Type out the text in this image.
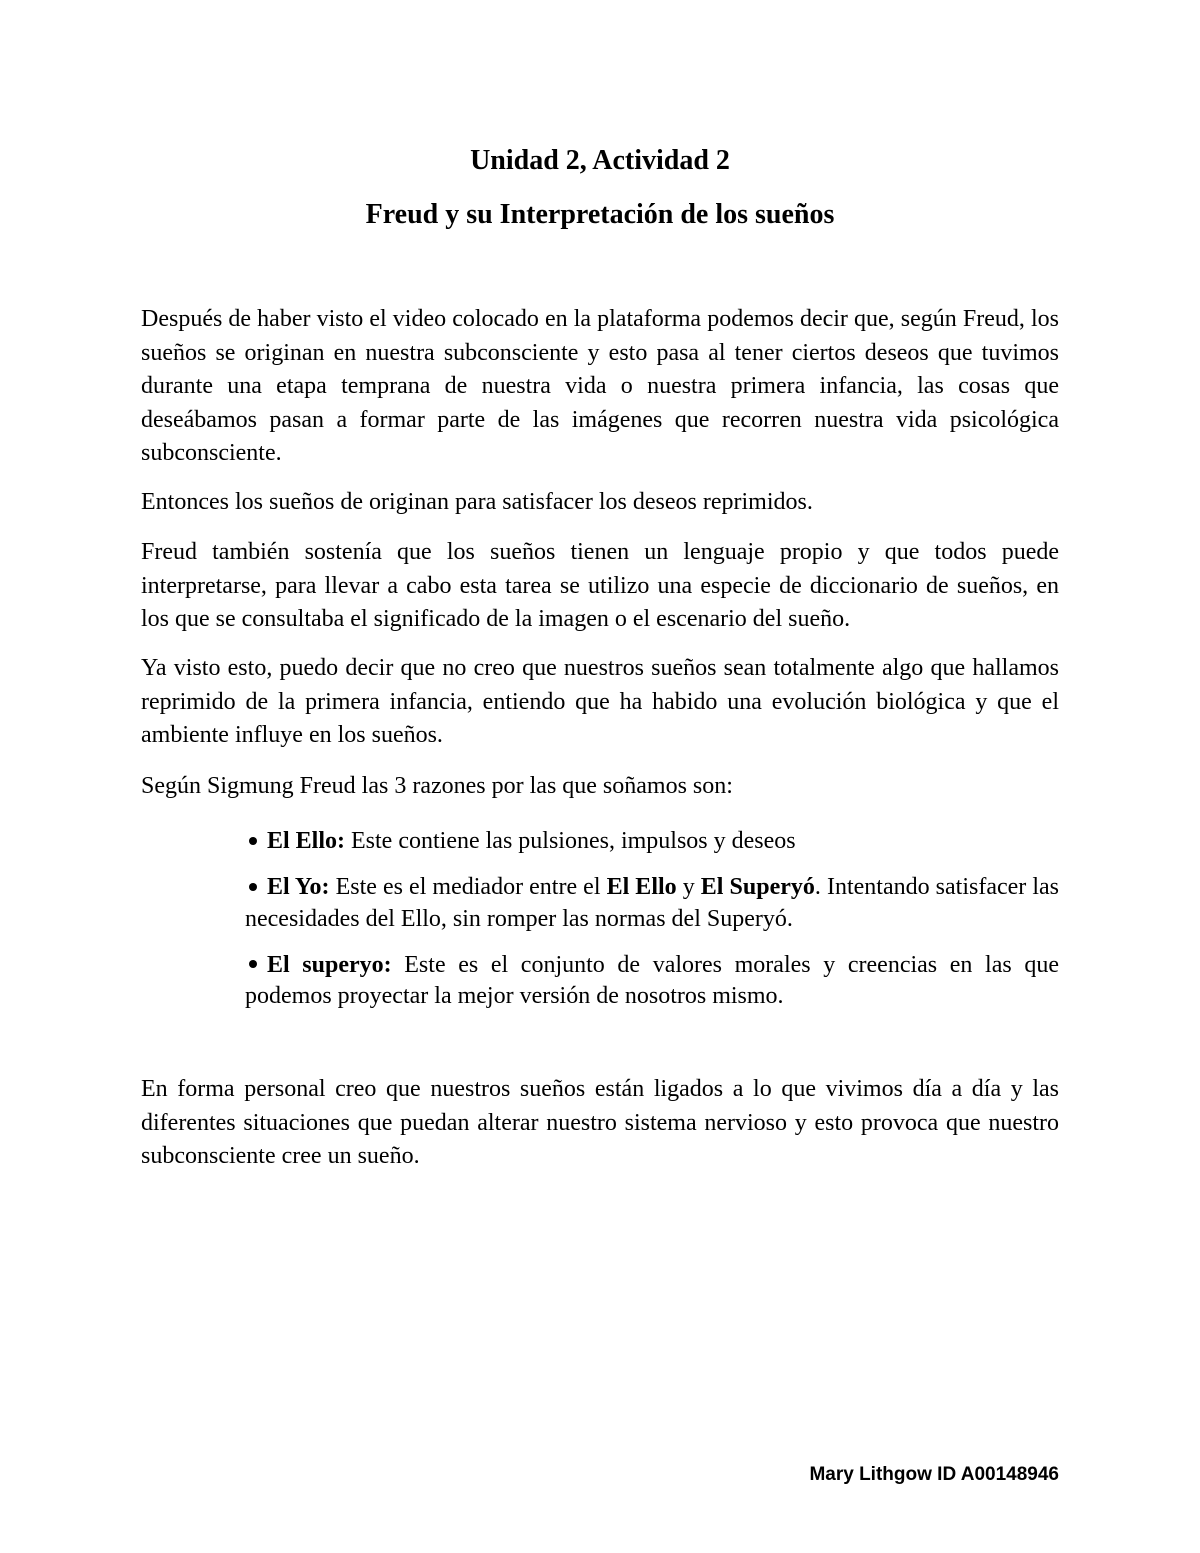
Unidad 2, Actividad 2
Freud y su Interpretación de los sueños

Después de haber visto el video colocado en la plataforma podemos decir que, según Freud, los sueños se originan en nuestra subconsciente y esto pasa al tener ciertos deseos que tuvimos durante una etapa temprana de nuestra vida o nuestra primera infancia, las cosas que deseábamos pasan a formar parte de las imágenes que recorren nuestra vida psicológica subconsciente.

Entonces los sueños de originan para satisfacer los deseos reprimidos.

Freud también sostenía que los sueños tienen un lenguaje propio y que todos puede interpretarse, para llevar a cabo esta tarea se utilizo una especie de diccionario de sueños, en los que se consultaba el significado de la imagen o el escenario del sueño.

Ya visto esto, puedo decir que no creo que nuestros sueños sean totalmente algo que hallamos reprimido de la primera infancia, entiendo que ha habido una evolución biológica y que el ambiente influye en los sueños.

Según Sigmung Freud las 3 razones por las que soñamos son:

El Ello: Este contiene las pulsiones, impulsos y deseos
El Yo: Este es el mediador entre el El Ello y El Superyó. Intentando satisfacer las necesidades del Ello, sin romper las normas del Superyó.
El superyo: Este es el conjunto de valores morales y creencias en las que podemos proyectar la mejor versión de nosotros mismo.

En forma personal creo que nuestros sueños están ligados a lo que vivimos día a día y las diferentes situaciones que puedan alterar nuestro sistema nervioso y esto provoca que nuestro subconsciente cree un sueño.

Mary Lithgow ID A00148946
